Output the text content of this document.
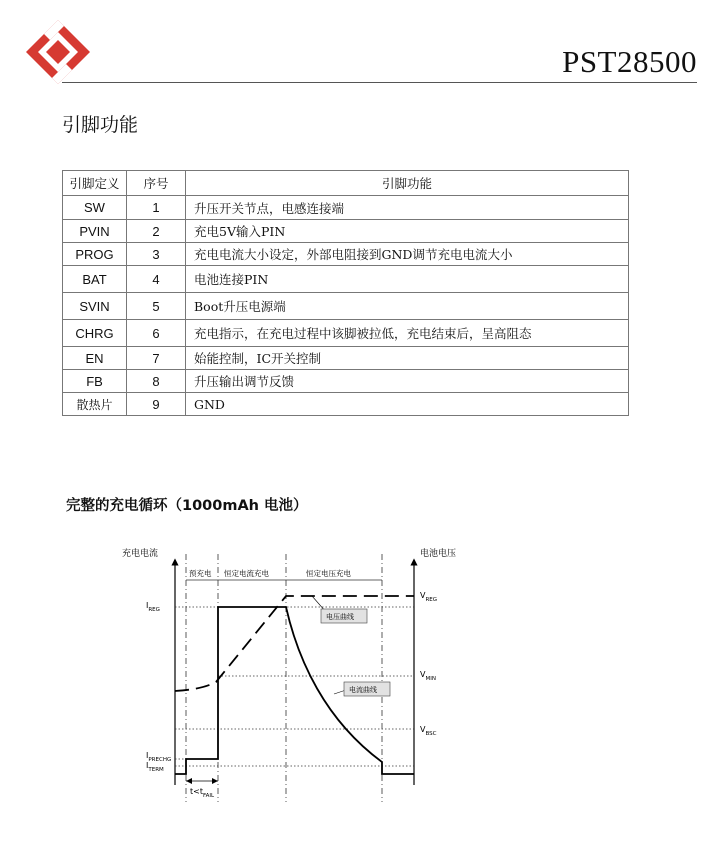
PST28500
引脚功能
引脚定义	序号	引脚功能
SW	1	升压开关节点，电感连接端
PVIN	2	充电5V输入PIN
PROG	3	充电电流大小设定，外部电阻接到GND调节充电电流大小
BAT	4	电池连接PIN
SVIN	5	Boot升压电源端
CHRG	6	充电指示，在充电过程中该脚被拉低，充电结束后，呈高阻态
EN	7	始能控制，IC开关控制
FB	8	升压输出调节反馈
散热片	9	GND
完整的充电循环（1000mAh 电池）
充电电流	电池电压
预充电 恒定电流充电	恒定电压充电
$I_{REG}$
$I_{PRECHG}$
$I_{TERM}$
$V_{REG}$
$V_{MIN}$
$V_{BSC}$
电压曲线
电流曲线
$t<t_{FAIL}$
